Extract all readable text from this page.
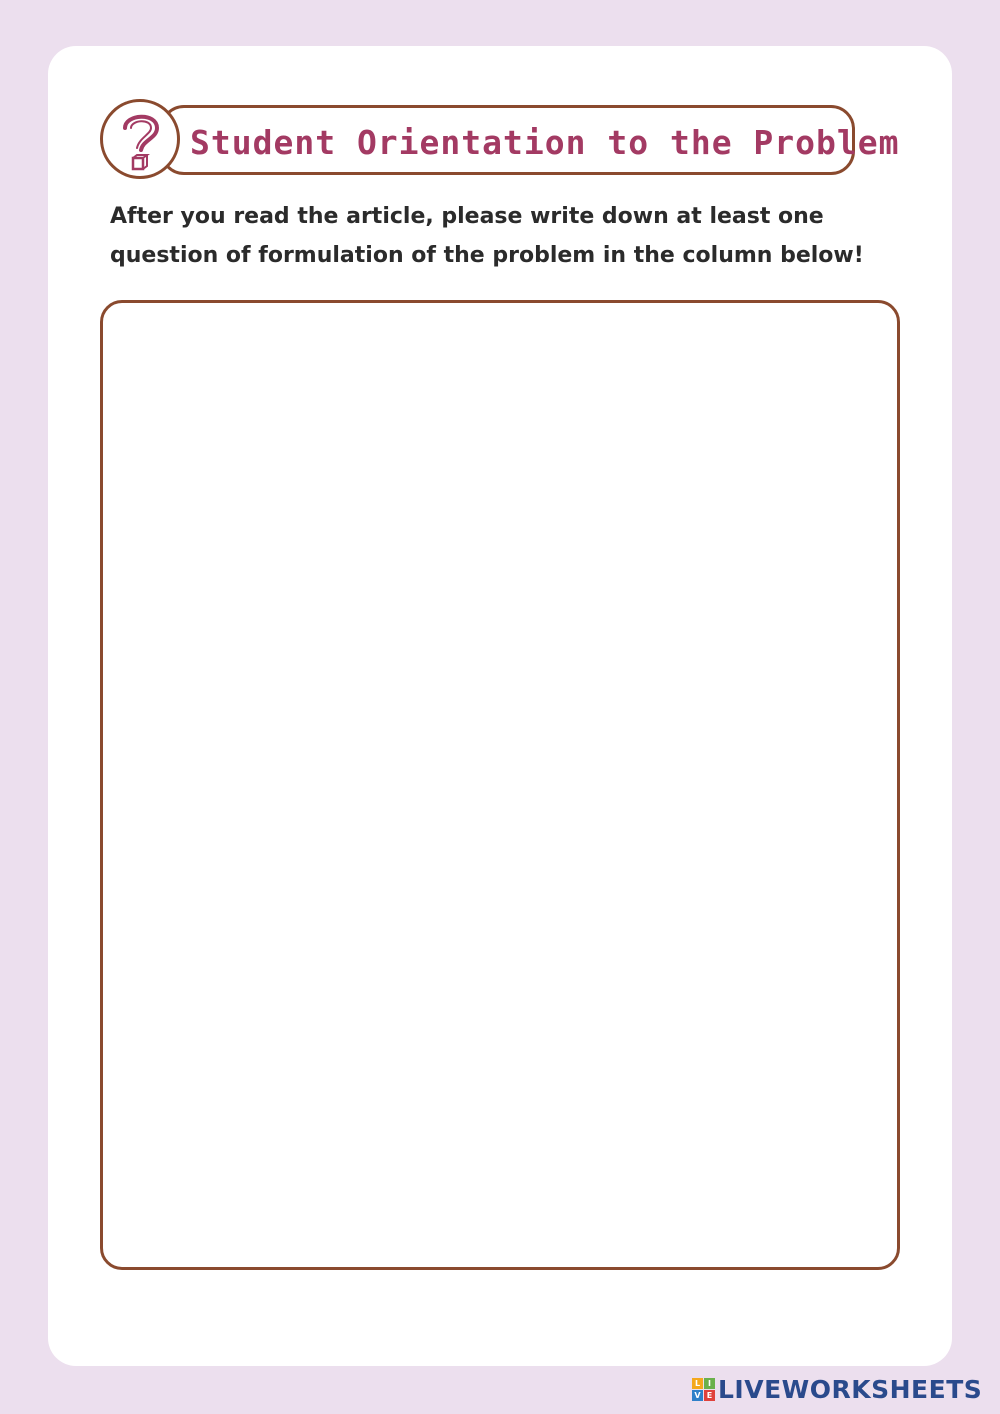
Student Orientation to the Problem
After you read the article, please write down at least one
question of formulation of the problem in the column below!
L I
V E LIVEWORKSHEETS
